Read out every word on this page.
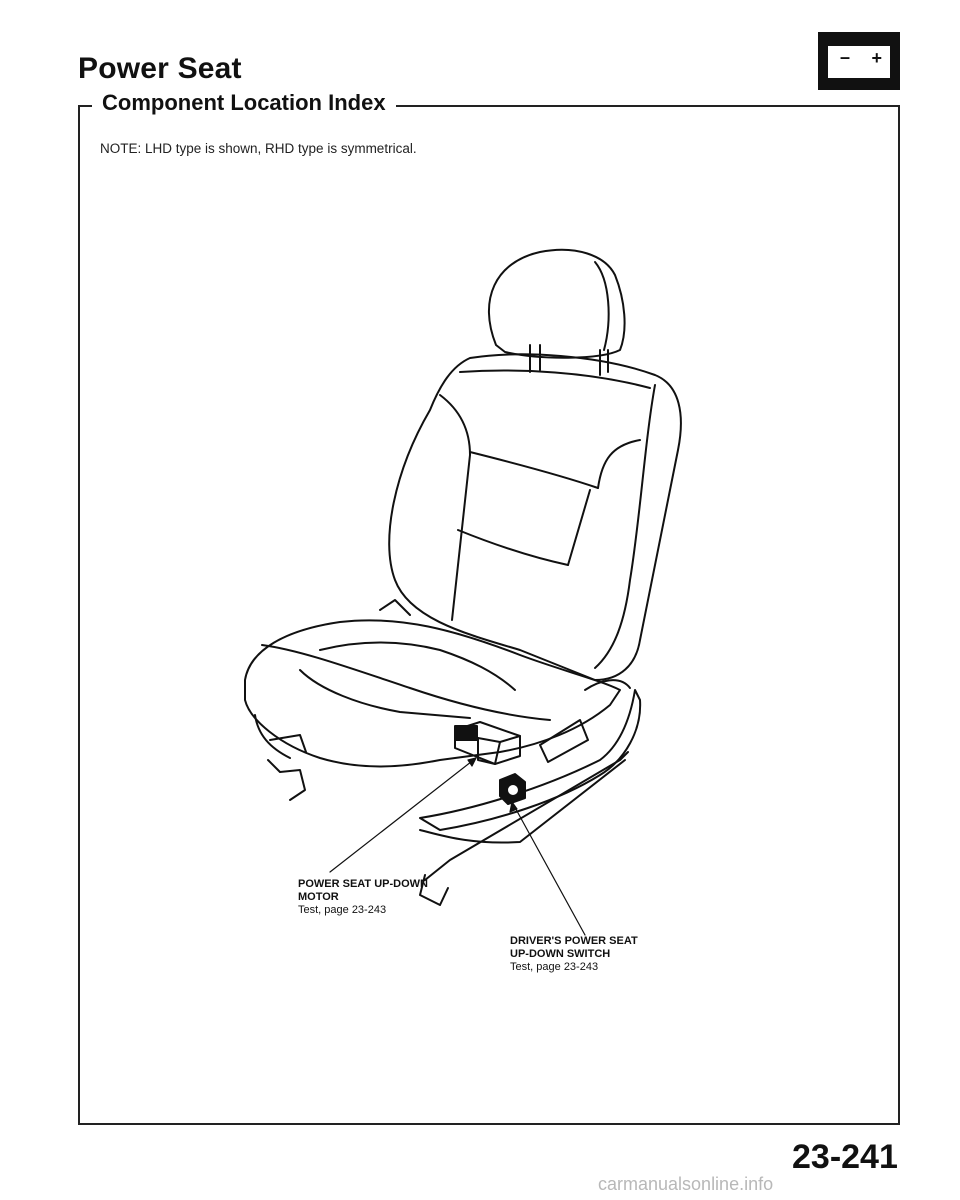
Power Seat	– +
Component Location Index

NOTE: LHD type is shown, RHD type is symmetrical.

POWER SEAT UP-DOWN
MOTOR
Test, page 23-243
DRIVER'S POWER SEAT
UP-DOWN SWITCH
Test, page 23-243

23-241

carmanualsonline.info
